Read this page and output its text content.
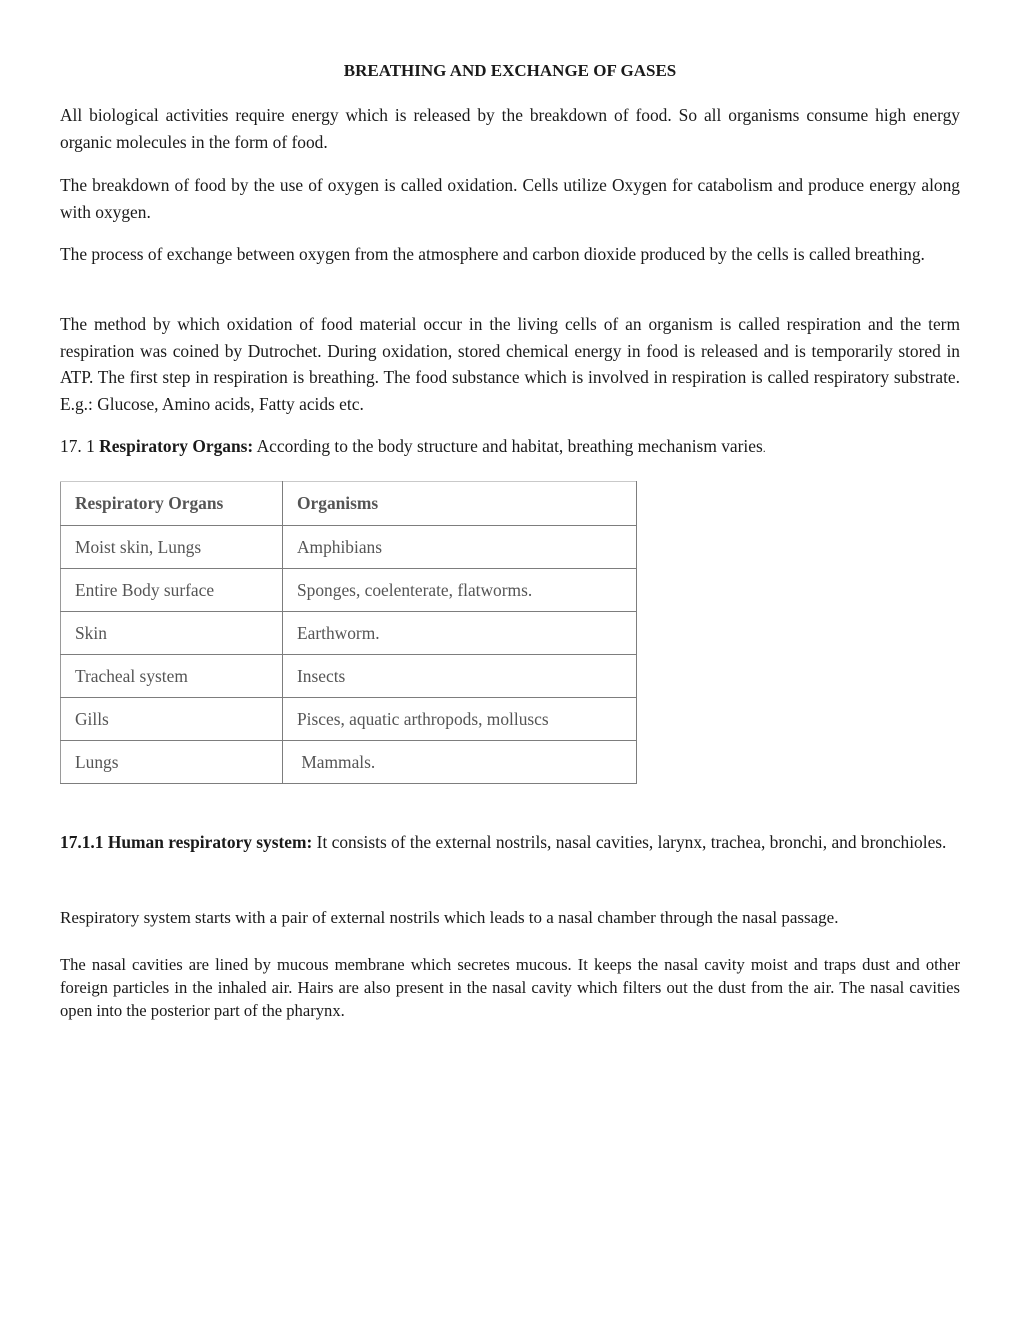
BREATHING AND EXCHANGE OF GASES

All biological activities require energy which is released by the breakdown of food. So all organisms consume high energy organic molecules in the form of food.

The breakdown of food by the use of oxygen is called oxidation. Cells utilize Oxygen for catabolism and produce energy along with oxygen.

The process of exchange between oxygen from the atmosphere and carbon dioxide produced by the cells is called breathing.

The method by which oxidation of food material occur in the living cells of an organism is called respiration and the term respiration was coined by Dutrochet. During oxidation, stored chemical energy in food is released and is temporarily stored in ATP. The first step in respiration is breathing. The food substance which is involved in respiration is called respiratory substrate. E.g.: Glucose, Amino acids, Fatty acids etc.

17. 1 Respiratory Organs: According to the body structure and habitat, breathing mechanism varies.

Respiratory Organs	Organisms
Moist skin, Lungs	Amphibians
Entire Body surface	Sponges, coelenterate, flatworms.
Skin	Earthworm.
Tracheal system	Insects
Gills	Pisces, aquatic arthropods, molluscs
Lungs	Mammals.

17.1.1 Human respiratory system: It consists of the external nostrils, nasal cavities, larynx, trachea, bronchi, and bronchioles.

Respiratory system starts with a pair of external nostrils which leads to a nasal chamber through the nasal passage.

The nasal cavities are lined by mucous membrane which secretes mucous. It keeps the nasal cavity moist and traps dust and other foreign particles in the inhaled air. Hairs are also present in the nasal cavity which filters out the dust from the air. The nasal cavities open into the posterior part of the pharynx.
